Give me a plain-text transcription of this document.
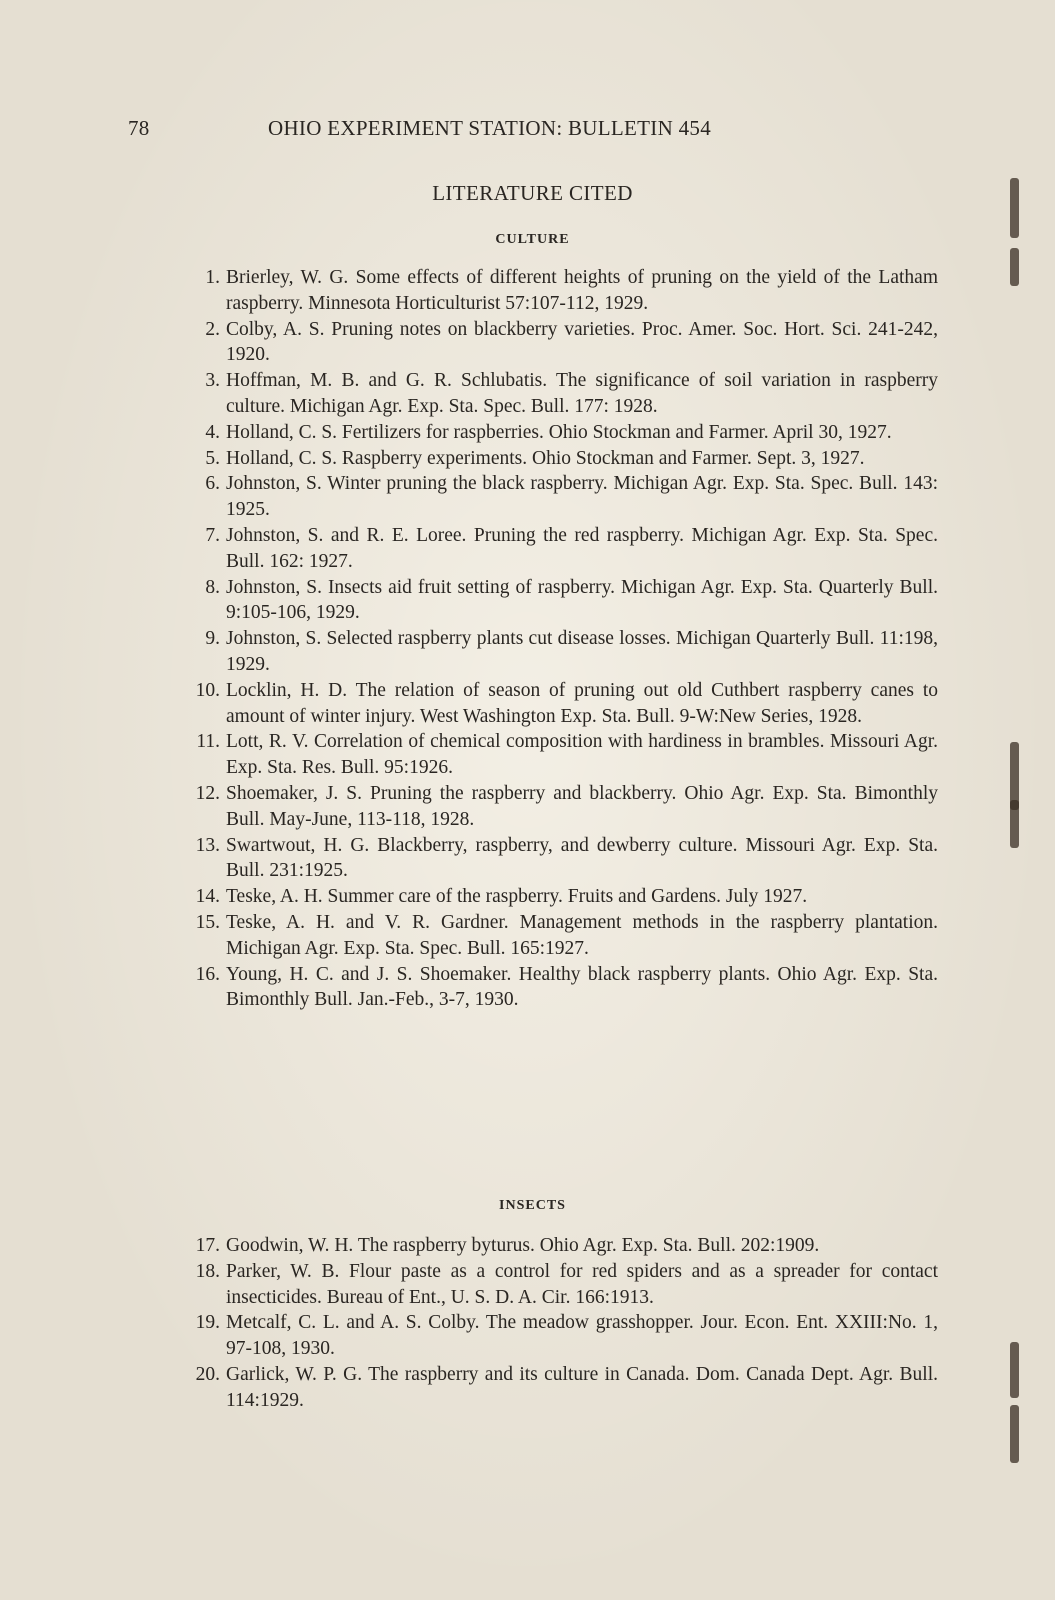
78	OHIO EXPERIMENT STATION: BULLETIN 454
LITERATURE CITED
CULTURE
1. Brierley, W. G. Some effects of different heights of pruning on the yield of the Latham raspberry. Minnesota Horticulturist 57:107-112, 1929.
2. Colby, A. S. Pruning notes on blackberry varieties. Proc. Amer. Soc. Hort. Sci. 241-242, 1920.
3. Hoffman, M. B. and G. R. Schlubatis. The significance of soil variation in raspberry culture. Michigan Agr. Exp. Sta. Spec. Bull. 177: 1928.
4. Holland, C. S. Fertilizers for raspberries. Ohio Stockman and Farmer. April 30, 1927.
5. Holland, C. S. Raspberry experiments. Ohio Stockman and Farmer. Sept. 3, 1927.
6. Johnston, S. Winter pruning the black raspberry. Michigan Agr. Exp. Sta. Spec. Bull. 143: 1925.
7. Johnston, S. and R. E. Loree. Pruning the red raspberry. Michigan Agr. Exp. Sta. Spec. Bull. 162: 1927.
8. Johnston, S. Insects aid fruit setting of raspberry. Michigan Agr. Exp. Sta. Quarterly Bull. 9:105-106, 1929.
9. Johnston, S. Selected raspberry plants cut disease losses. Michigan Quarterly Bull. 11:198, 1929.
10. Locklin, H. D. The relation of season of pruning out old Cuthbert raspberry canes to amount of winter injury. West Washington Exp. Sta. Bull. 9-W:New Series, 1928.
11. Lott, R. V. Correlation of chemical composition with hardiness in brambles. Missouri Agr. Exp. Sta. Res. Bull. 95:1926.
12. Shoemaker, J. S. Pruning the raspberry and blackberry. Ohio Agr. Exp. Sta. Bimonthly Bull. May-June, 113-118, 1928.
13. Swartwout, H. G. Blackberry, raspberry, and dewberry culture. Missouri Agr. Exp. Sta. Bull. 231:1925.
14. Teske, A. H. Summer care of the raspberry. Fruits and Gardens. July 1927.
15. Teske, A. H. and V. R. Gardner. Management methods in the raspberry plantation. Michigan Agr. Exp. Sta. Spec. Bull. 165:1927.
16. Young, H. C. and J. S. Shoemaker. Healthy black raspberry plants. Ohio Agr. Exp. Sta. Bimonthly Bull. Jan.-Feb., 3-7, 1930.
INSECTS
17. Goodwin, W. H. The raspberry byturus. Ohio Agr. Exp. Sta. Bull. 202:1909.
18. Parker, W. B. Flour paste as a control for red spiders and as a spreader for contact insecticides. Bureau of Ent., U. S. D. A. Cir. 166:1913.
19. Metcalf, C. L. and A. S. Colby. The meadow grasshopper. Jour. Econ. Ent. XXIII:No. 1, 97-108, 1930.
20. Garlick, W. P. G. The raspberry and its culture in Canada. Dom. Canada Dept. Agr. Bull. 114:1929.
